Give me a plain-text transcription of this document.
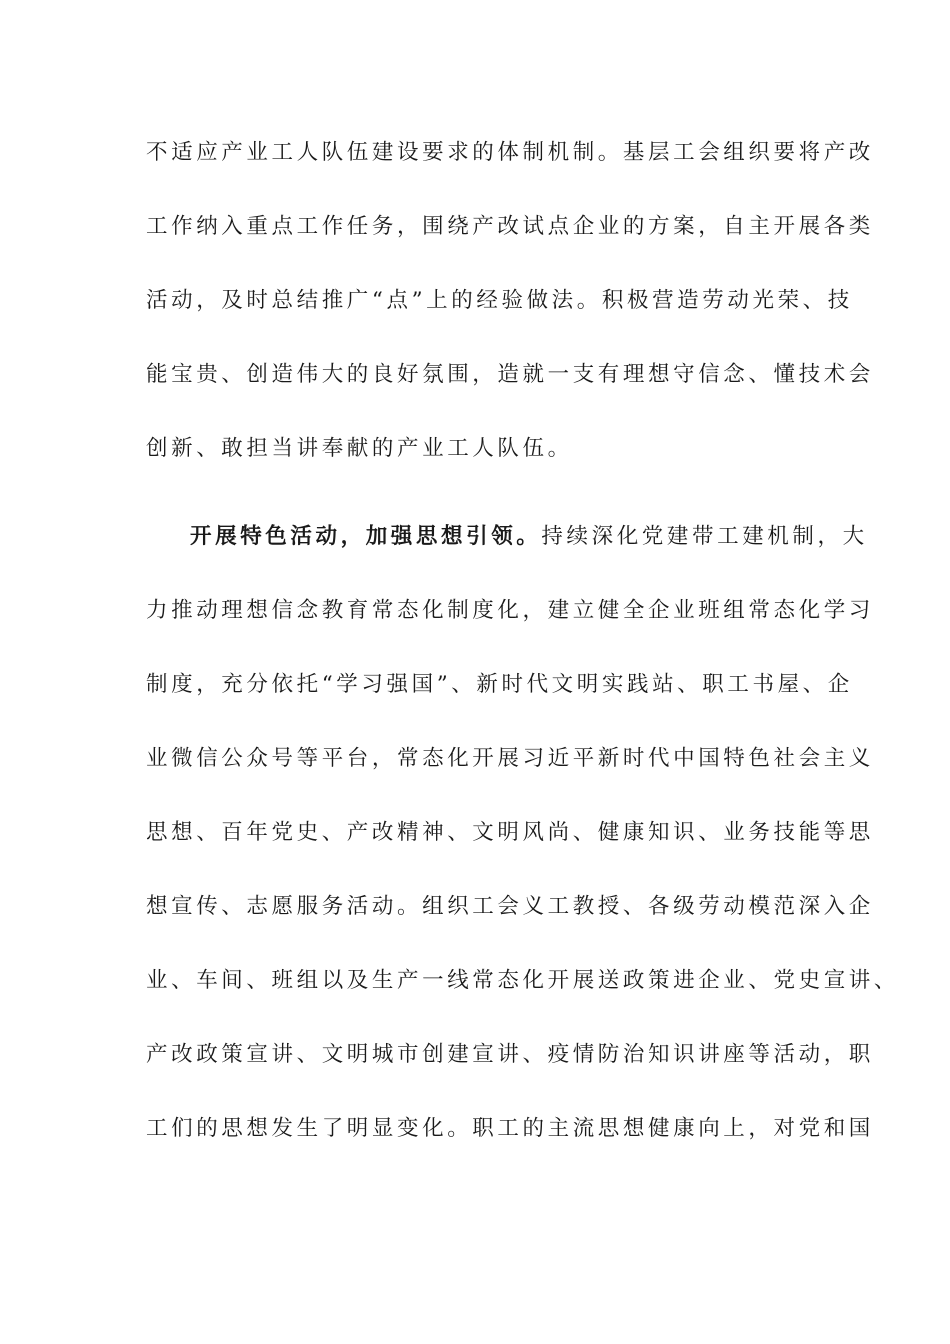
不适应产业工人队伍建设要求的体制机制。基层工会组织要将产改
工作纳入重点工作任务，围绕产改试点企业的方案，自主开展各类
活动，及时总结推广“点”上的经验做法。积极营造劳动光荣、技
能宝贵、创造伟大的良好氛围，造就一支有理想守信念、懂技术会
创新、敢担当讲奉献的产业工人队伍。
开展特色活动，加强思想引领。持续深化党建带工建机制，大
力推动理想信念教育常态化制度化，建立健全企业班组常态化学习
制度，充分依托“学习强国”、新时代文明实践站、职工书屋、企
业微信公众号等平台，常态化开展习近平新时代中国特色社会主义
思想、百年党史、产改精神、文明风尚、健康知识、业务技能等思
想宣传、志愿服务活动。组织工会义工教授、各级劳动模范深入企
业、车间、班组以及生产一线常态化开展送政策进企业、党史宣讲、
产改政策宣讲、文明城市创建宣讲、疫情防治知识讲座等活动，职
工们的思想发生了明显变化。职工的主流思想健康向上，对党和国
